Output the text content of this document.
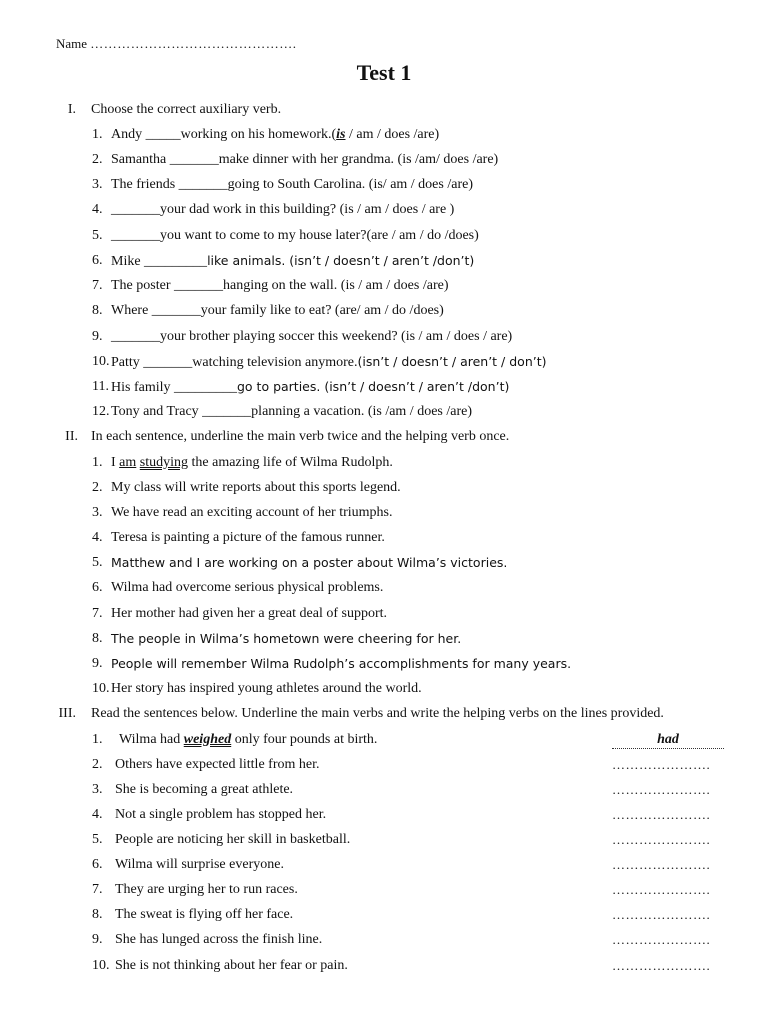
Name ……………………………………….
Test 1
I. Choose the correct auxiliary verb.
1. Andy _____working on his homework.(is / am / does /are)
2. Samantha _______make dinner with her grandma. (is /am/ does /are)
3. The friends _______going to South Carolina. (is/ am / does /are)
4. _______your dad work in this building? (is / am / does / are )
5. _______you want to come to my house later?(are / am / do /does)
6. Mike _________like animals. (isn’t / doesn’t / aren’t /don’t)
7. The poster _______hanging on the wall. (is / am / does /are)
8. Where _______your family like to eat? (are/ am / do /does)
9. _______your brother playing soccer this weekend? (is / am / does / are)
10. Patty _______watching television anymore.(isn’t / doesn’t / aren’t / don’t)
11. His family _________go to parties. (isn’t / doesn’t / aren’t /don’t)
12. Tony and Tracy _______planning a vacation. (is /am / does /are)
II. In each sentence, underline the main verb twice and the helping verb once.
1. I am studying the amazing life of Wilma Rudolph.
2. My class will write reports about this sports legend.
3. We have read an exciting account of her triumphs.
4. Teresa is painting a picture of the famous runner.
5. Matthew and I are working on a poster about Wilma’s victories.
6. Wilma had overcome serious physical problems.
7. Her mother had given her a great deal of support.
8. The people in Wilma’s hometown were cheering for her.
9. People will remember Wilma Rudolph’s accomplishments for many years.
10. Her story has inspired young athletes around the world.
III. Read the sentences below. Underline the main verbs and write the helping verbs on the lines provided.
1. Wilma had weighed only four pounds at birth.	had
2. Others have expected little from her.	………………….
3. She is becoming a great athlete.	………………….
4. Not a single problem has stopped her.	………………….
5. People are noticing her skill in basketball.	………………….
6. Wilma will surprise everyone.	………………….
7. They are urging her to run races.	………………….
8. The sweat is flying off her face.	………………….
9. She has lunged across the finish line.	………………….
10. She is not thinking about her fear or pain.	………………….
